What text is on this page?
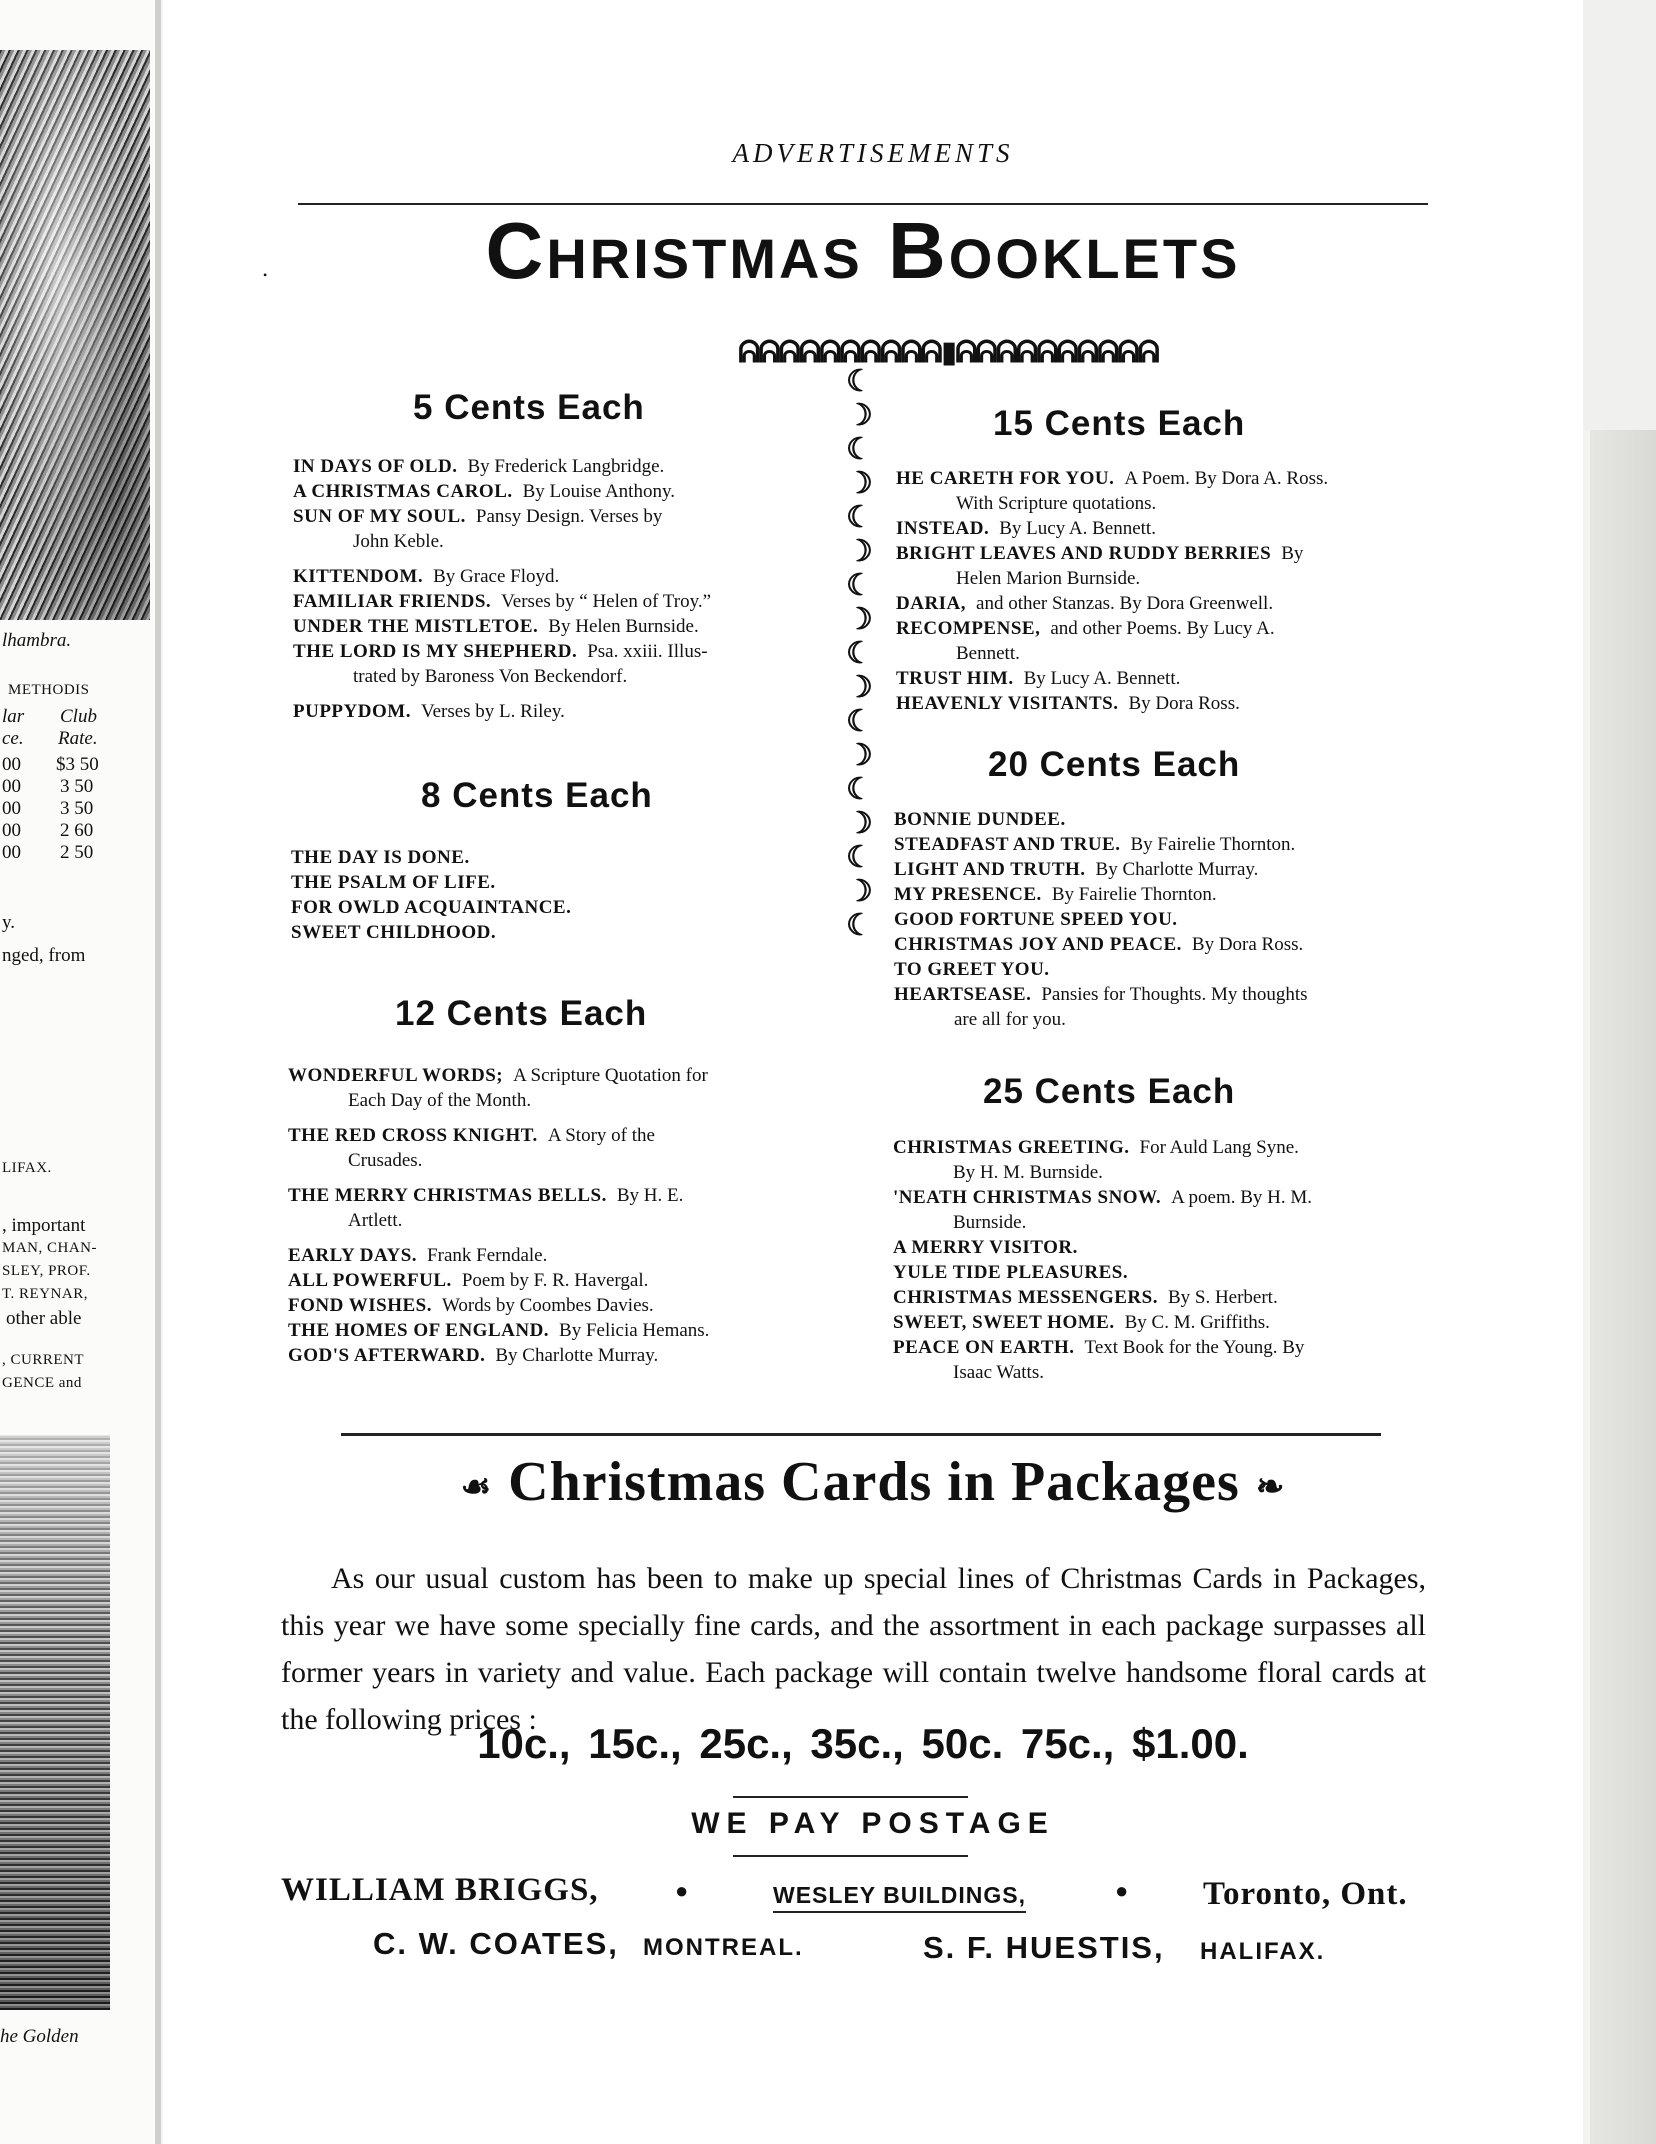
lhambra.
METHODIS
lar Club
ce. Rate.
00 $3 50
00 3 50
00 3 50
00 2 60
00 2 50
y.
nged, from
LIFAX.
, important
MAN, CHAN-
SLEY, PROF.
T. REYNAR,
other able
, CURRENT
GENCE and
he Golden
ADVERTISEMENTS
•	Christmas Booklets
ᕱᕱᕱᕱᕱᕱᕱᕱᕱᕱ▮ᕱᕱᕱᕱᕱᕱᕱᕱᕱᕱ
☾
☽
☾
☽
☾
☽
☾
☽
☾
☽
☾
☽
☾
☽
☾
☽
☾
5 Cents Each
IN DAYS OF OLD. By Frederick Langbridge.
A CHRISTMAS CAROL. By Louise Anthony.
SUN OF MY SOUL. Pansy Design. Verses by
John Keble.
KITTENDOM. By Grace Floyd.
FAMILIAR FRIENDS. Verses by “ Helen of Troy.”
UNDER THE MISTLETOE. By Helen Burnside.
THE LORD IS MY SHEPHERD. Psa. xxiii. Illus-
trated by Baroness Von Beckendorf.
PUPPYDOM. Verses by L. Riley.
8 Cents Each
THE DAY IS DONE.
THE PSALM OF LIFE.
FOR OWLD ACQUAINTANCE.
SWEET CHILDHOOD.
12 Cents Each
WONDERFUL WORDS; A Scripture Quotation for
Each Day of the Month.
THE RED CROSS KNIGHT. A Story of the
Crusades.
THE MERRY CHRISTMAS BELLS. By H. E.
Artlett.
EARLY DAYS. Frank Ferndale.
ALL POWERFUL. Poem by F. R. Havergal.
FOND WISHES. Words by Coombes Davies.
THE HOMES OF ENGLAND. By Felicia Hemans.
GOD'S AFTERWARD. By Charlotte Murray.
15 Cents Each
HE CARETH FOR YOU. A Poem. By Dora A. Ross.
With Scripture quotations.
INSTEAD. By Lucy A. Bennett.
BRIGHT LEAVES AND RUDDY BERRIES By
Helen Marion Burnside.
DARIA, and other Stanzas. By Dora Greenwell.
RECOMPENSE, and other Poems. By Lucy A.
Bennett.
TRUST HIM. By Lucy A. Bennett.
HEAVENLY VISITANTS. By Dora Ross.
20 Cents Each
BONNIE DUNDEE.
STEADFAST AND TRUE. By Fairelie Thornton.
LIGHT AND TRUTH. By Charlotte Murray.
MY PRESENCE. By Fairelie Thornton.
GOOD FORTUNE SPEED YOU.
CHRISTMAS JOY AND PEACE. By Dora Ross.
TO GREET YOU.
HEARTSEASE. Pansies for Thoughts. My thoughts
are all for you.
25 Cents Each
CHRISTMAS GREETING. For Auld Lang Syne.
By H. M. Burnside.
'NEATH CHRISTMAS SNOW. A poem. By H. M.
Burnside.
A MERRY VISITOR.
YULE TIDE PLEASURES.
CHRISTMAS MESSENGERS. By S. Herbert.
SWEET, SWEET HOME. By C. M. Griffiths.
PEACE ON EARTH. Text Book for the Young. By
Isaac Watts.
☙ Christmas Cards in Packages ❧
As our usual custom has been to make up special lines of Christmas Cards in Packages, this year we have some specially fine cards, and the assortment in each package surpasses all former years in variety and value. Each package will contain twelve handsome floral cards at the following prices :
10c., 15c., 25c., 35c., 50c. 75c., $1.00.
WE PAY POSTAGE
WILLIAM BRIGGS,	●	WESLEY BUILDINGS,	● Toronto, Ont.
C. W. COATES, MONTREAL.	S. F. HUESTIS, HALIFAX.
